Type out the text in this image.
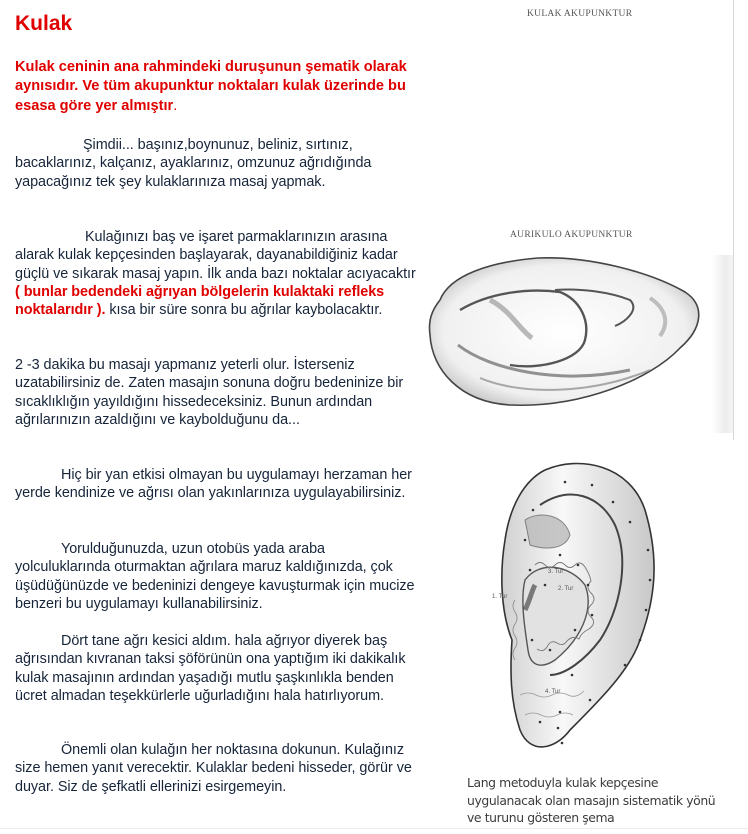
Kulak

Kulak ceninin ana rahmindeki duruşunun şematik olarak aynısıdır. Ve tüm akupunktur noktaları kulak üzerinde bu esasa göre yer almıştır.

Şimdii... başınız,boynunuz, beliniz, sırtınız, bacaklarınız, kalçanız, ayaklarınız, omzunuz ağrıdığında yapacağınız tek şey kulaklarınıza masaj yapmak.

Kulağınızı baş ve işaret parmaklarınızın arasına alarak kulak kepçesinden başlayarak, dayanabildiğiniz kadar güçlü ve sıkarak masaj yapın. İlk anda bazı noktalar acıyacaktır ( bunlar bedendeki ağrıyan bölgelerin kulaktaki refleks noktalarıdır ). kısa bir süre sonra bu ağrılar kaybolacaktır.

2 -3 dakika bu masajı yapmanız yeterli olur. İsterseniz uzatabilirsiniz de. Zaten masajın sonuna doğru bedeninize bir sıcaklıklığın yayıldığını hissedeceksiniz. Bunun ardından ağrılarınızın azaldığını ve kaybolduğunu da...

Hiç bir yan etkisi olmayan bu uygulamayı herzaman her yerde kendinize ve ağrısı olan yakınlarınıza uygulayabilirsiniz.

Yorulduğunuzda, uzun otobüs yada araba yolculuklarında oturmaktan ağrılara maruz kaldığınızda, çok üşüdüğünüzde ve bedeninizi dengeye kavuşturmak için mucize benzeri bu uygulamayı kullanabilirsiniz.

Dört tane ağrı kesici aldım. hala ağrıyor diyerek baş ağrısından kıvranan taksi şöförünün ona yaptığım iki dakikalık kulak masajının ardından yaşadığı mutlu şaşkınlıkla benden ücret almadan teşekkürlerle uğurladığını hala hatırlıyorum.

Önemli olan kulağın her noktasına dokunun. Kulağınız size hemen yanıt verecektir. Kulaklar bedeni hisseder, görür ve duyar. Siz de şefkatli ellerinizi esirgemeyin.

KULAK AKUPUNKTUR
AURIKULO AKUPUNKTUR
1. Tur
2. Tur
3. Tur
4. Tur
Lang metoduyla kulak kepçesine uygulanacak olan masajın sistematik yönü ve turunu gösteren şema
